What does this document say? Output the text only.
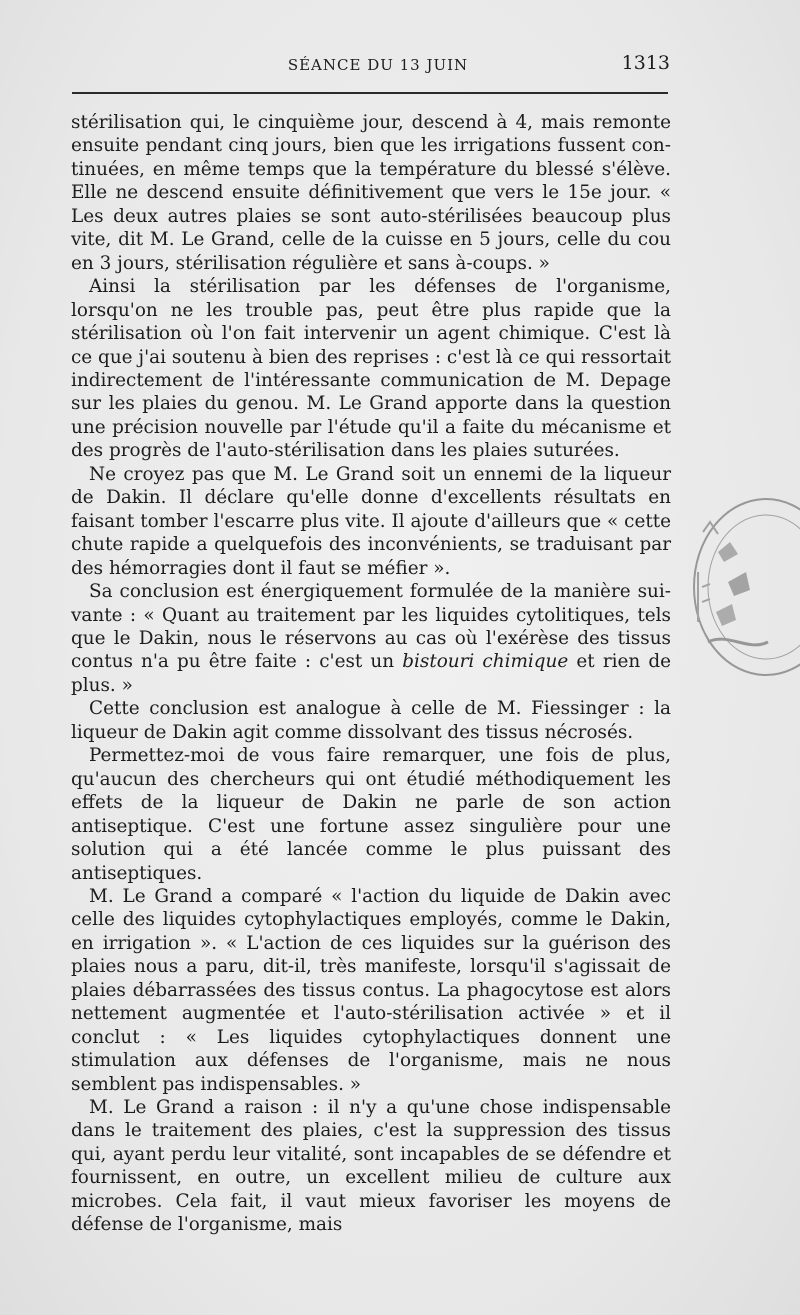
SÉANCE DU 13 JUIN	1313

stérilisation qui, le cinquième jour, descend à 4, mais remonte ensuite pendant cinq jours, bien que les irrigations fussent continuées, en même temps que la température du blessé s'élève. Elle ne descend ensuite définitivement que vers le 15e jour. « Les deux autres plaies se sont auto-stérilisées beaucoup plus vite, dit M. Le Grand, celle de la cuisse en 5 jours, celle du cou en 3 jours, stérilisation régulière et sans à-coups. »

Ainsi la stérilisation par les défenses de l'organisme, lorsqu'on ne les trouble pas, peut être plus rapide que la stérilisation où l'on fait intervenir un agent chimique. C'est là ce que j'ai soutenu à bien des reprises : c'est là ce qui ressortait indirectement de l'intéressante communication de M. Depage sur les plaies du genou. M. Le Grand apporte dans la question une précision nouvelle par l'étude qu'il a faite du mécanisme et des progrès de l'auto-stérilisation dans les plaies suturées.

Ne croyez pas que M. Le Grand soit un ennemi de la liqueur de Dakin. Il déclare qu'elle donne d'excellents résultats en faisant tomber l'escarre plus vite. Il ajoute d'ailleurs que « cette chute rapide a quelquefois des inconvénients, se traduisant par des hémorragies dont il faut se méfier ».

Sa conclusion est énergiquement formulée de la manière suivante : « Quant au traitement par les liquides cytolitiques, tels que le Dakin, nous le réservons au cas où l'exérèse des tissus contus n'a pu être faite : c'est un bistouri chimique et rien de plus. »

Cette conclusion est analogue à celle de M. Fiessinger : la liqueur de Dakin agit comme dissolvant des tissus nécrosés.

Permettez-moi de vous faire remarquer, une fois de plus, qu'aucun des chercheurs qui ont étudié méthodiquement les effets de la liqueur de Dakin ne parle de son action antiseptique. C'est une fortune assez singulière pour une solution qui a été lancée comme le plus puissant des antiseptiques.

M. Le Grand a comparé « l'action du liquide de Dakin avec celle des liquides cytophylactiques employés, comme le Dakin, en irrigation ». « L'action de ces liquides sur la guérison des plaies nous a paru, dit-il, très manifeste, lorsqu'il s'agissait de plaies débarrassées des tissus contus. La phagocytose est alors nettement augmentée et l'auto-stérilisation activée » et il conclut : « Les liquides cytophylactiques donnent une stimulation aux défenses de l'organisme, mais ne nous semblent pas indispensables. »

M. Le Grand a raison : il n'y a qu'une chose indispensable dans le traitement des plaies, c'est la suppression des tissus qui, ayant perdu leur vitalité, sont incapables de se défendre et fournissent, en outre, un excellent milieu de culture aux microbes. Cela fait, il vaut mieux favoriser les moyens de défense de l'organisme, mais
